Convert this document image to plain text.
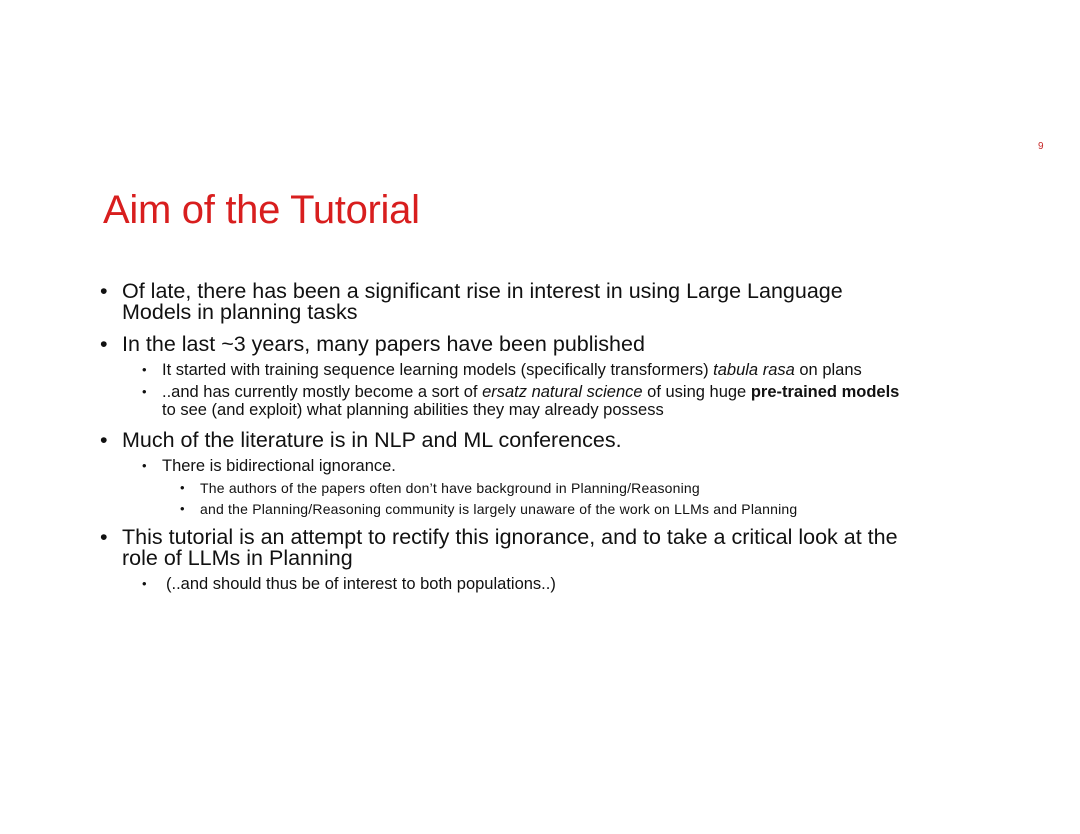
9
Aim of the Tutorial
• Of late, there has been a significant rise in interest in using Large Language Models in planning tasks
• In the last ~3 years, many papers have been published
• It started with training sequence learning models (specifically transformers) tabula rasa on plans
• ..and has currently mostly become a sort of ersatz natural science of using huge pre-trained models to see (and exploit) what planning abilities they may already possess
• Much of the literature is in NLP and ML conferences.
• There is bidirectional ignorance.
• The authors of the papers often don’t have background in Planning/Reasoning
• and the Planning/Reasoning community is largely unaware of the work on LLMs and Planning
• This tutorial is an attempt to rectify this ignorance, and to take a critical look at the role of LLMs in Planning
• (..and should thus be of interest to both populations..)
